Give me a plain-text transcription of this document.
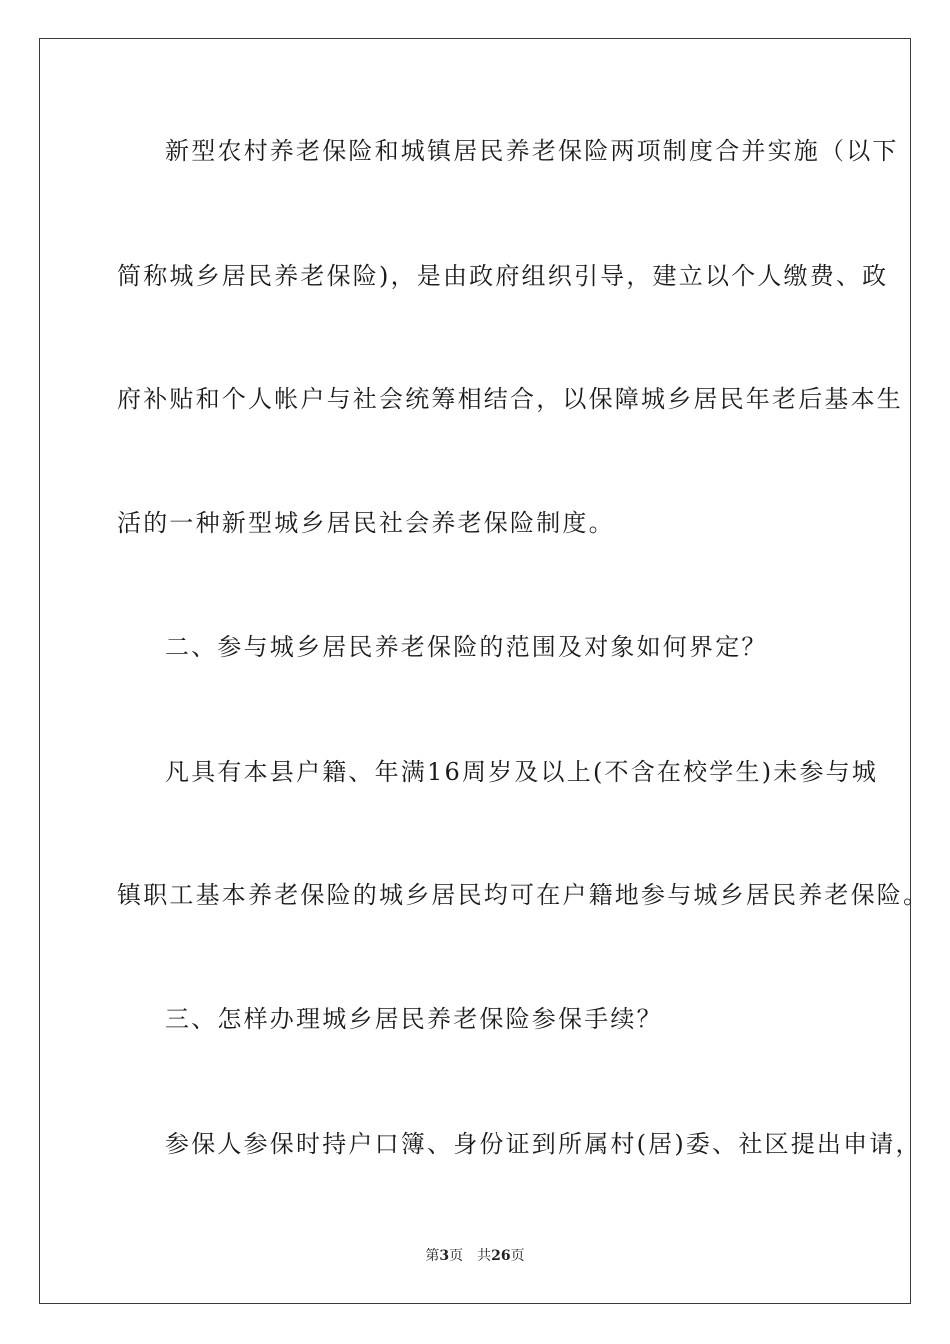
新型农村养老保险和城镇居民养老保险两项制度合并实施（以下
简称城乡居民养老保险)，是由政府组织引导，建立以个人缴费、政
府补贴和个人帐户与社会统筹相结合，以保障城乡居民年老后基本生
活的一种新型城乡居民社会养老保险制度。
二、参与城乡居民养老保险的范围及对象如何界定？
凡具有本县户籍、年满16周岁及以上(不含在校学生)未参与城
镇职工基本养老保险的城乡居民均可在户籍地参与城乡居民养老保险。
三、怎样办理城乡居民养老保险参保手续？
参保人参保时持户口簿、身份证到所属村(居)委、社区提出申请，
第3页 共26页
